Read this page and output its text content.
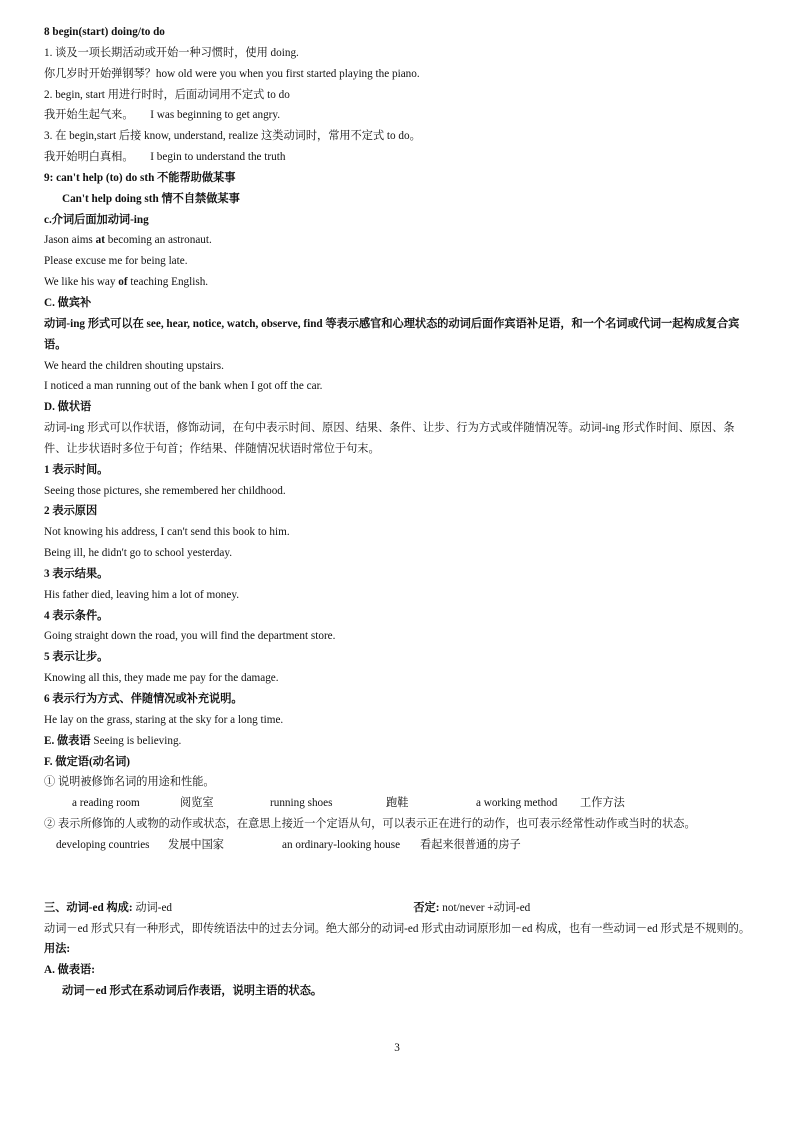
8 begin(start) doing/to do
1. 谈及一项长期活动或开始一种习惯时，使用 doing.
你几岁时开始弹钢琴？how old were you when you first started playing the piano.
2. begin, start 用进行时时，后面动词用不定式 to do
我开始生起气来。      I was beginning to get angry.
3. 在 begin,start 后接 know, understand, realize 这类动词时，常用不定式 to do。
我开始明白真相。      I begin to understand the truth
9: can't help (to) do sth 不能帮助做某事
Can't help doing sth 情不自禁做某事
c.介词后面加动词-ing
Jason aims at becoming an astronaut.
Please excuse me for being late.
We like his way of teaching English.
C. 做宾补
动词-ing 形式可以在 see, hear, notice, watch, observe, find 等表示感官和心理状态的动词后面作宾语补足语，和一个名词或代词一起构成复合宾语。
We heard the children shouting upstairs.
I noticed a man running out of the bank when I got off the car.
D. 做状语
动词-ing 形式可以作状语，修饰动词，在句中表示时间、原因、结果、条件、让步、行为方式或伴随情况等。动词-ing 形式作时间、原因、条件、让步状语时多位于句首；作结果、伴随情况状语时常位于句末。
1 表示时间。
Seeing those pictures, she remembered her childhood.
2 表示原因
Not knowing his address, I can't send this book to him.
Being ill, he didn't go to school yesterday.
3 表示结果。
His father died, leaving him a lot of money.
4 表示条件。
Going straight down the road, you will find the department store.
5 表示让步。
Knowing all this, they made me pay for the damage.
6 表示行为方式、伴随情况或补充说明。
He lay on the grass, staring at the sky for a long time.
E. 做表语 Seeing is believing.
F. 做定语(动名词)
① 说明被修饰名词的用途和性能。
a reading room	阅览室	running shoes	跑鞋	a working method 工作方法
② 表示所修饰的人或物的动作或状态，在意思上接近一个定语从句，可以表示正在进行的动作，也可表示经常性动作或当时的状态。
developing countries 发展中国家	an ordinary-looking house 看起来很普通的房子
三、动词-ed 构成: 动词-ed	否定: not/never +动词-ed
动词－ed 形式只有一种形式，即传统语法中的过去分词。绝大部分的动词-ed 形式由动词原形加－ed 构成，也有一些动词－ed 形式是不规则的。
用法:
A. 做表语:
动词－ed 形式在系动词后作表语，说明主语的状态。
3
